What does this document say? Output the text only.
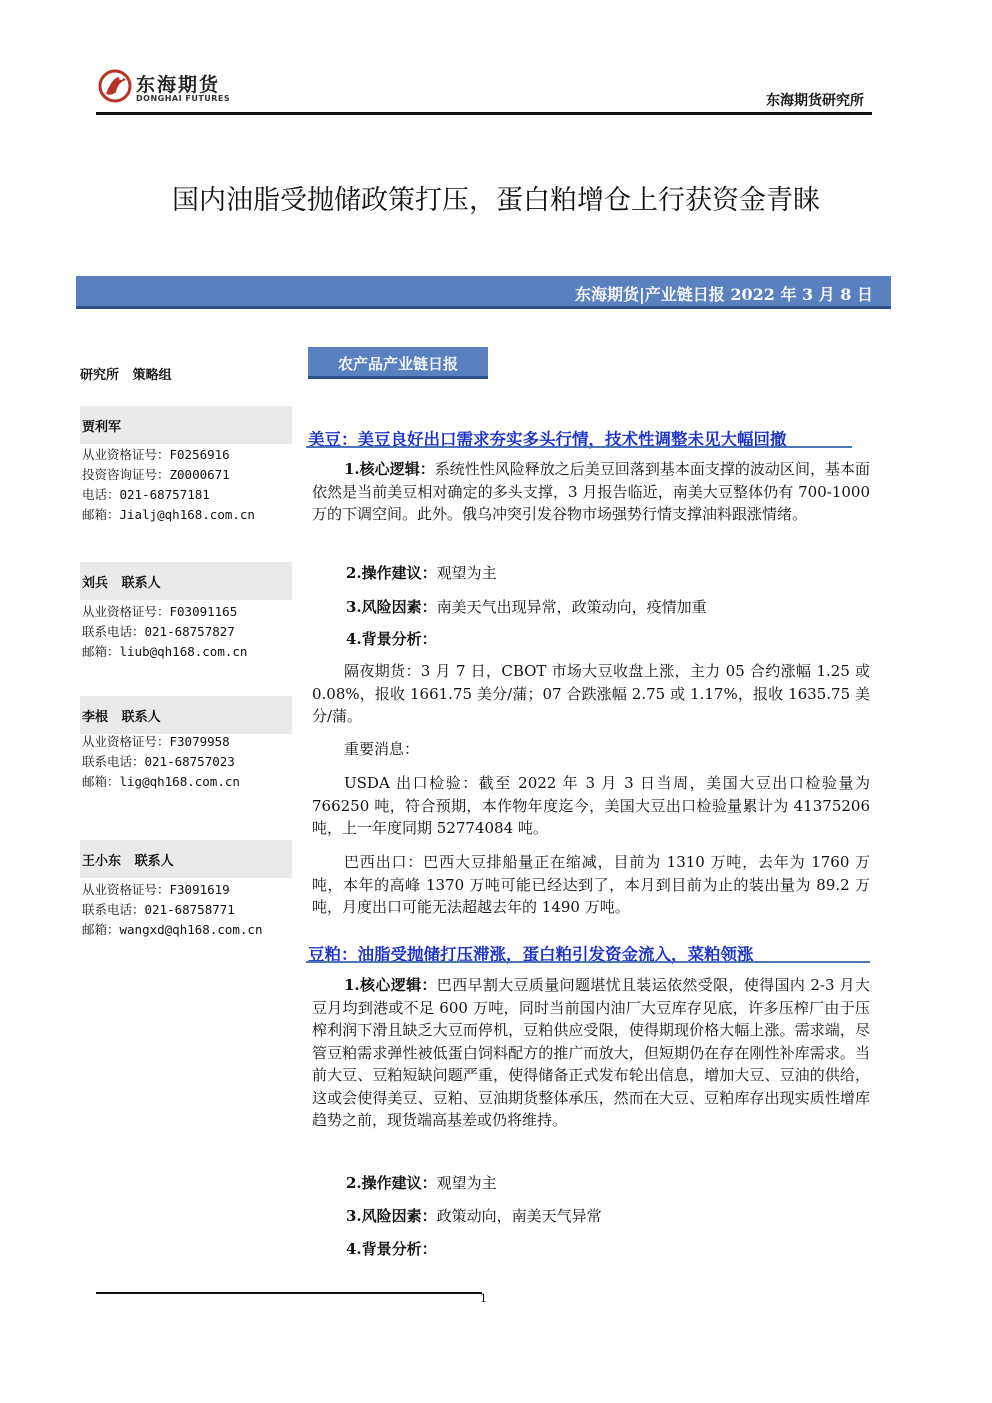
东海期货
DONGHAI FUTURES	东海期货研究所
国内油脂受抛储政策打压，蛋白粕增仓上行获资金青睐
东海期货|产业链日报 2022 年 3 月 8 日
研究所   策略组
贾利军
从业资格证号：F0256916
投资咨询证号：Z0000671
电话：021-68757181
邮箱：Jialj@qh168.com.cn
刘兵   联系人
从业资格证号：F03091165
联系电话：021-68757827
邮箱：liub@qh168.com.cn
李根   联系人
从业资格证号：F3079958
联系电话：021-68757023
邮箱：lig@qh168.com.cn
王小东   联系人
从业资格证号：F3091619
联系电话：021-68758771
邮箱：wangxd@qh168.com.cn
农产品产业链日报
美豆：美豆良好出口需求夯实多头行情，技术性调整未见大幅回撤

1.核心逻辑：系统性性风险释放之后美豆回落到基本面支撑的波动区间，基本面依然是当前美豆相对确定的多头支撑，3 月报告临近，南美大豆整体仍有 700-1000 万的下调空间。此外。俄乌冲突引发谷物市场强势行情支撑油料跟涨情绪。

2.操作建议：观望为主
3.风险因素：南美天气出现异常，政策动向，疫情加重
4.背景分析：

隔夜期货：3 月 7 日，CBOT 市场大豆收盘上涨，主力 05 合约涨幅 1.25 或 0.08%，报收 1661.75 美分/蒲；07 合跌涨幅 2.75 或 1.17%，报收 1635.75 美分/蒲。

重要消息：

USDA 出口检验：截至 2022 年 3 月 3 日当周，美国大豆出口检验量为 766250 吨，符合预期，本作物年度迄今，美国大豆出口检验量累计为 41375206 吨，上一年度同期 52774084 吨。

巴西出口：巴西大豆排船量正在缩减，目前为 1310 万吨，去年为 1760 万吨，本年的高峰 1370 万吨可能已经达到了，本月到目前为止的装出量为 89.2 万吨，月度出口可能无法超越去年的 1490 万吨。

豆粕：油脂受抛储打压滞涨，蛋白粕引发资金流入，菜粕领涨

1.核心逻辑：巴西早割大豆质量问题堪忧且装运依然受限，使得国内 2-3 月大豆月均到港或不足 600 万吨，同时当前国内油厂大豆库存见底，许多压榨厂由于压榨利润下滑且缺乏大豆而停机，豆粕供应受限，使得期现价格大幅上涨。需求端，尽管豆粕需求弹性被低蛋白饲料配方的推广而放大，但短期仍在存在刚性补库需求。当前大豆、豆粕短缺问题严重，使得储备正式发布轮出信息，增加大豆、豆油的供给，这或会使得美豆、豆粕、豆油期货整体承压，然而在大豆、豆粕库存出现实质性增库趋势之前，现货端高基差或仍将维持。

2.操作建议：观望为主
3.风险因素：政策动向，南美天气异常
4.背景分析：
1
